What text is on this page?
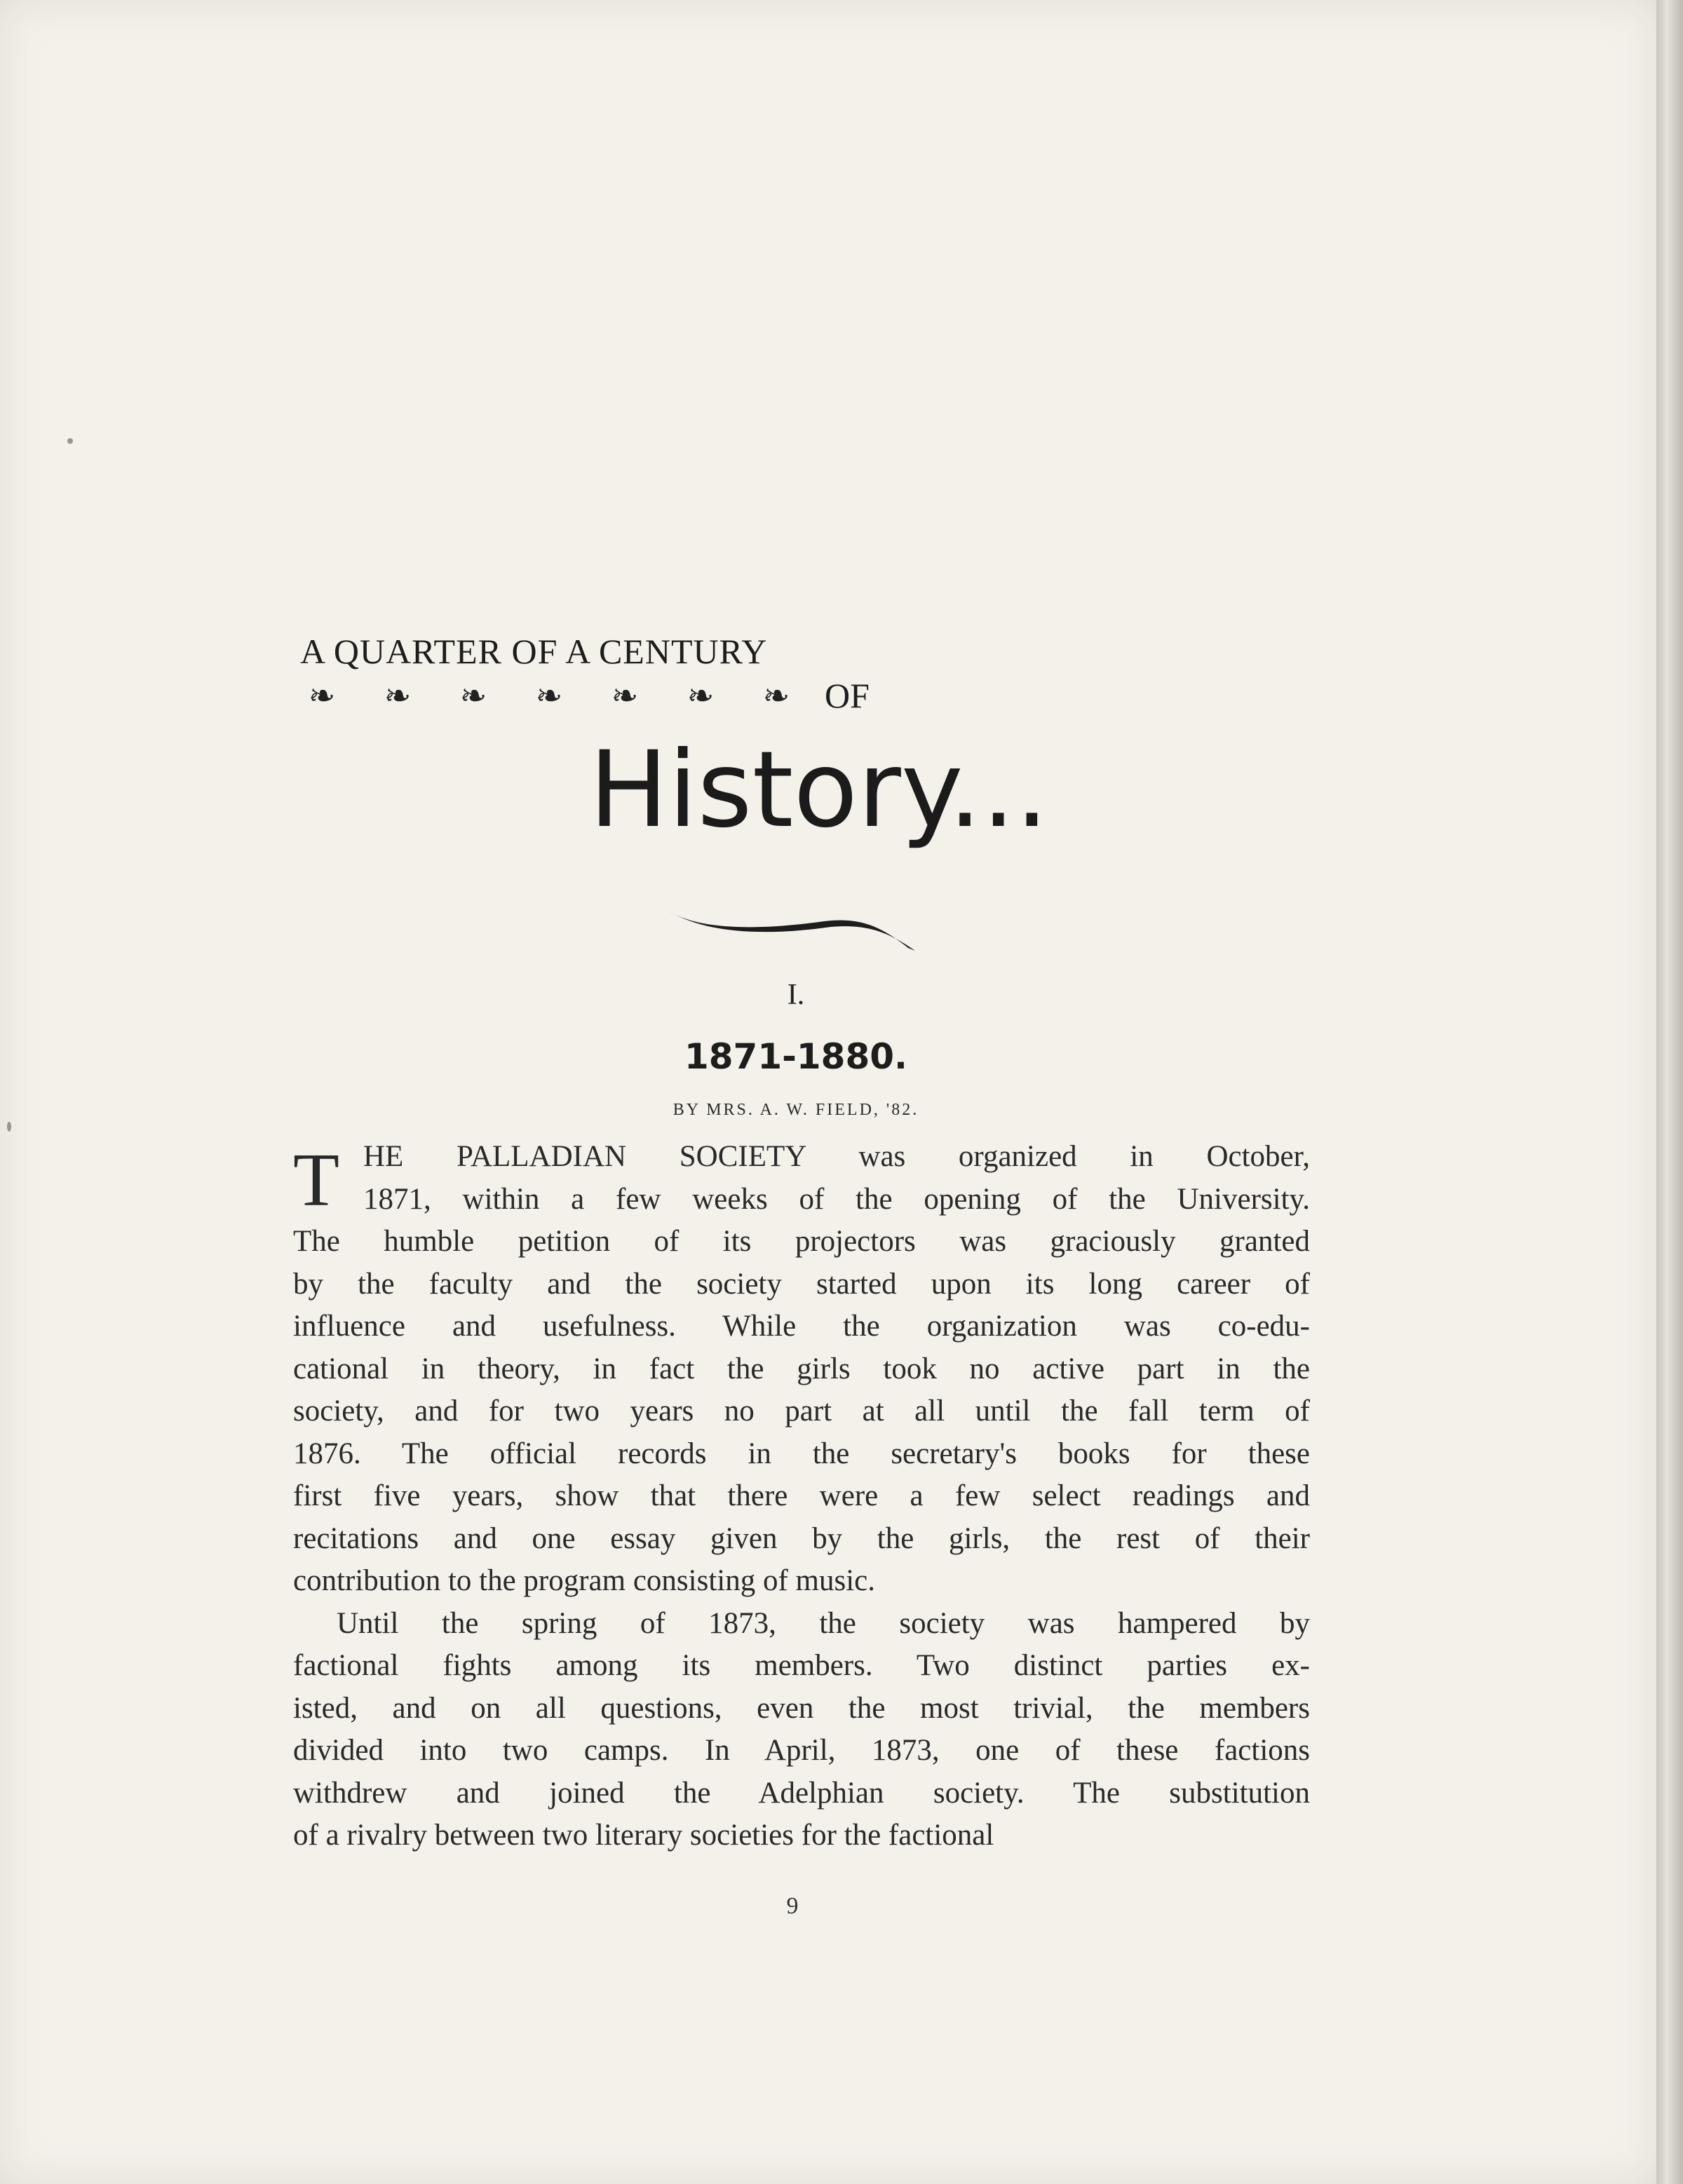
A QUARTER OF A CENTURY
❧ ❧ ❧ ❧ ❧ ❧ ❧ OF
History...
I.
1871-1880.
BY MRS. A. W. FIELD, '82.
T HE PALLADIAN SOCIETY was organized in October,
1871, within a few weeks of the opening of the University.
The humble petition of its projectors was graciously granted
by the faculty and the society started upon its long career of
influence and usefulness. While the organization was co-edu-
cational in theory, in fact the girls took no active part in the
society, and for two years no part at all until the fall term of
1876. The official records in the secretary's books for these
first five years, show that there were a few select readings and
recitations and one essay given by the girls, the rest of their
contribution to the program consisting of music.
Until the spring of 1873, the society was hampered by
factional fights among its members. Two distinct parties ex-
isted, and on all questions, even the most trivial, the members
divided into two camps. In April, 1873, one of these factions
withdrew and joined the Adelphian society. The substitution
of a rivalry between two literary societies for the factional
9
